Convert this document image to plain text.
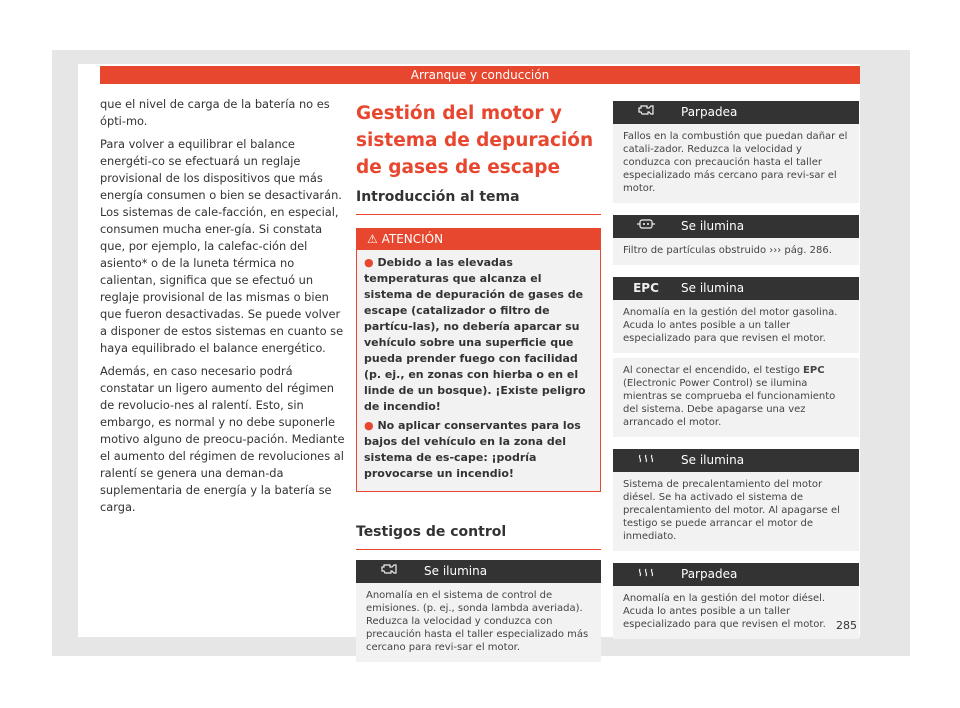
Arranque y conducción

que el nivel de carga de la batería no es ópti-mo.

Para volver a equilibrar el balance energéti-co se efectuará un reglaje provisional de los dispositivos que más energía consumen o bien se desactivarán. Los sistemas de cale-facción, en especial, consumen mucha ener-gía. Si constata que, por ejemplo, la calefac-ción del asiento* o de la luneta térmica no calientan, significa que se efectuó un reglaje provisional de las mismas o bien que fueron desactivadas. Se puede volver a disponer de estos sistemas en cuanto se haya equilibrado el balance energético.

Además, en caso necesario podrá constatar un ligero aumento del régimen de revolucio-nes al ralentí. Esto, sin embargo, es normal y no debe suponerle motivo alguno de preocu-pación. Mediante el aumento del régimen de revoluciones al ralentí se genera una deman-da suplementaria de energía y la batería se carga.

Gestión del motor y sistema de depuración de gases de escape
Introducción al tema
⚠ ATENCIÓN
● Debido a las elevadas temperaturas que alcanza el sistema de depuración de gases de escape (catalizador o filtro de partícu-las), no debería aparcar su vehículo sobre una superficie que pueda prender fuego con facilidad (p. ej., en zonas con hierba o en el linde de un bosque). ¡Existe peligro de incendio!
● No aplicar conservantes para los bajos del vehículo en la zona del sistema de es-cape: ¡podría provocarse un incendio!
Testigos de control
Se ilumina
Anomalía en el sistema de control de emisiones. (p. ej., sonda lambda averiada). Reduzca la velocidad y conduzca con precaución hasta el taller especializado más cercano para revi-sar el motor.
Parpadea
Fallos en la combustión que puedan dañar el catali-zador. Reduzca la velocidad y conduzca con precaución hasta el taller especializado más cercano para revi-sar el motor.
Se ilumina
Filtro de partículas obstruido ››› pág. 286.
EPC Se ilumina
Anomalía en la gestión del motor gasolina. Acuda lo antes posible a un taller especializado para que revisen el motor.
Al conectar el encendido, el testigo EPC (Electronic Power Control) se ilumina mientras se comprueba el funcionamiento del sistema. Debe apagarse una vez arrancado el motor.
Se ilumina
Sistema de precalentamiento del motor diésel. Se ha activado el sistema de precalentamiento del motor. Al apagarse el testigo se puede arrancar el motor de inmediato.
Parpadea
Anomalía en la gestión del motor diésel. Acuda lo antes posible a un taller especializado para que revisen el motor.
»
285
